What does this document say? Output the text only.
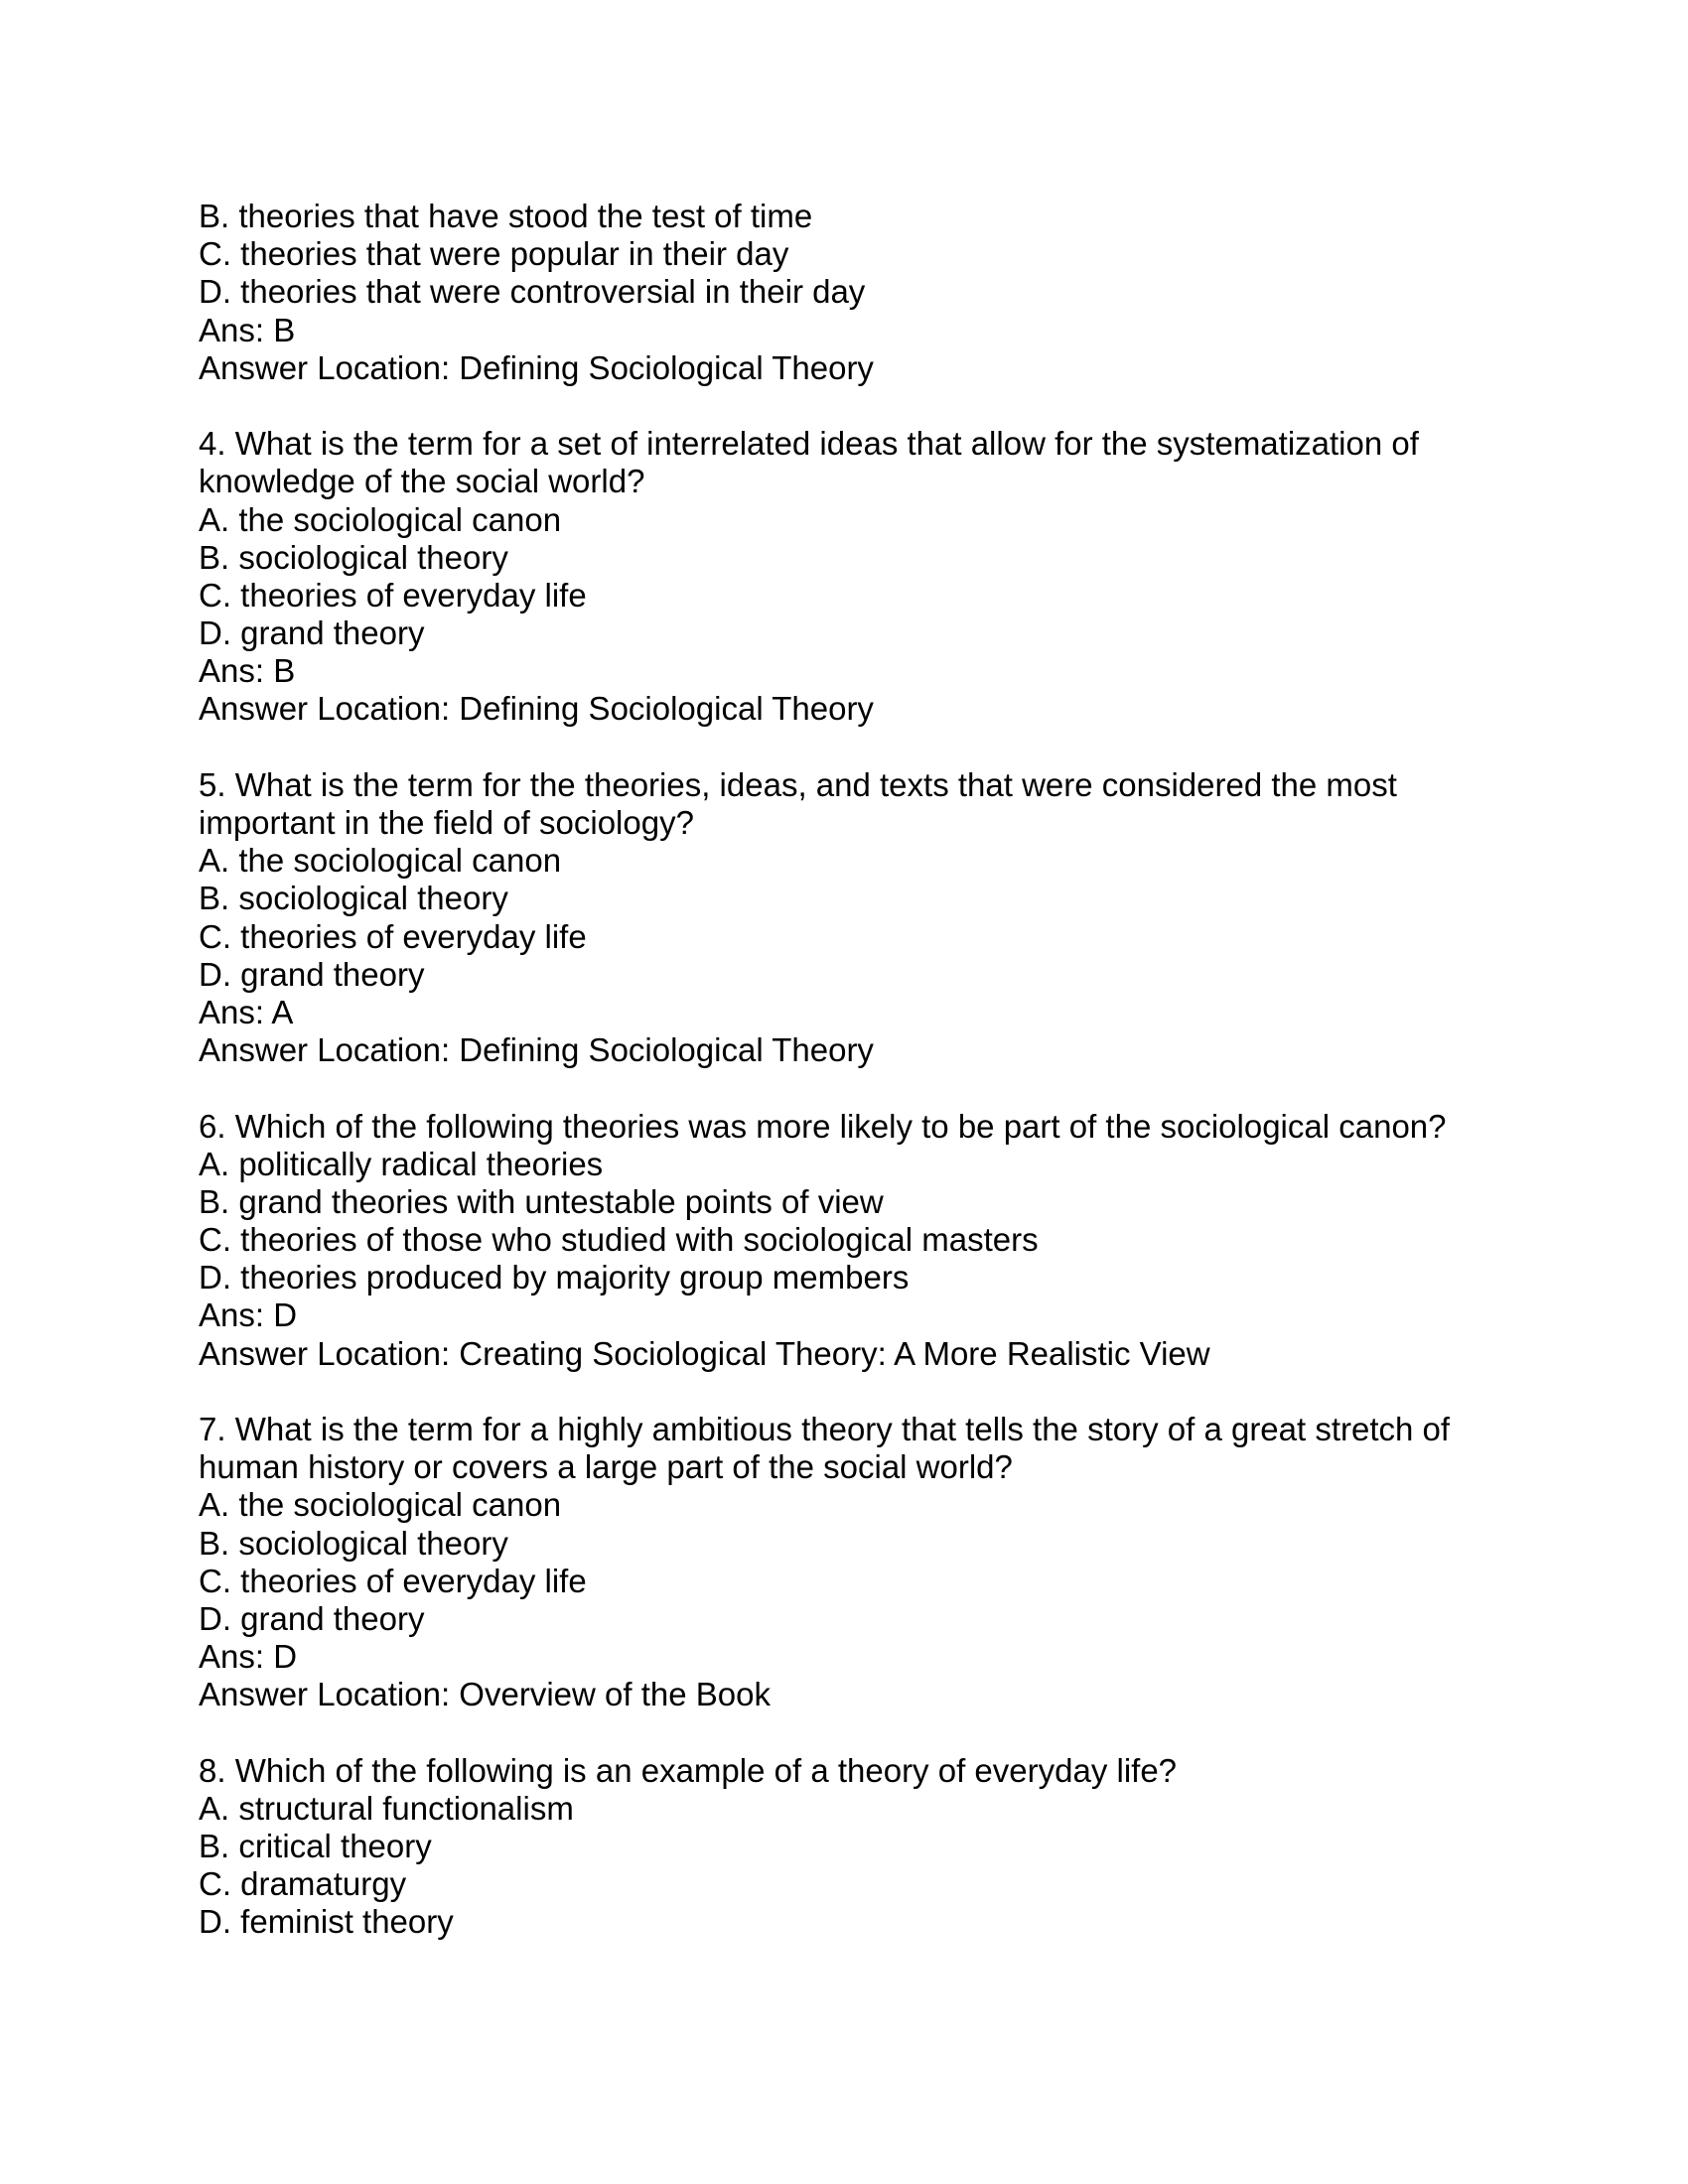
B. theories that have stood the test of time
C. theories that were popular in their day
D. theories that were controversial in their day
Ans: B
Answer Location: Defining Sociological Theory
4. What is the term for a set of interrelated ideas that allow for the systematization of
knowledge of the social world?
A. the sociological canon
B. sociological theory
C. theories of everyday life
D. grand theory
Ans: B
Answer Location: Defining Sociological Theory
5. What is the term for the theories, ideas, and texts that were considered the most
important in the field of sociology?
A. the sociological canon
B. sociological theory
C. theories of everyday life
D. grand theory
Ans: A
Answer Location: Defining Sociological Theory
6. Which of the following theories was more likely to be part of the sociological canon?
A. politically radical theories
B. grand theories with untestable points of view
C. theories of those who studied with sociological masters
D. theories produced by majority group members
Ans: D
Answer Location: Creating Sociological Theory: A More Realistic View
7. What is the term for a highly ambitious theory that tells the story of a great stretch of
human history or covers a large part of the social world?
A. the sociological canon
B. sociological theory
C. theories of everyday life
D. grand theory
Ans: D
Answer Location: Overview of the Book
8. Which of the following is an example of a theory of everyday life?
A. structural functionalism
B. critical theory
C. dramaturgy
D. feminist theory
